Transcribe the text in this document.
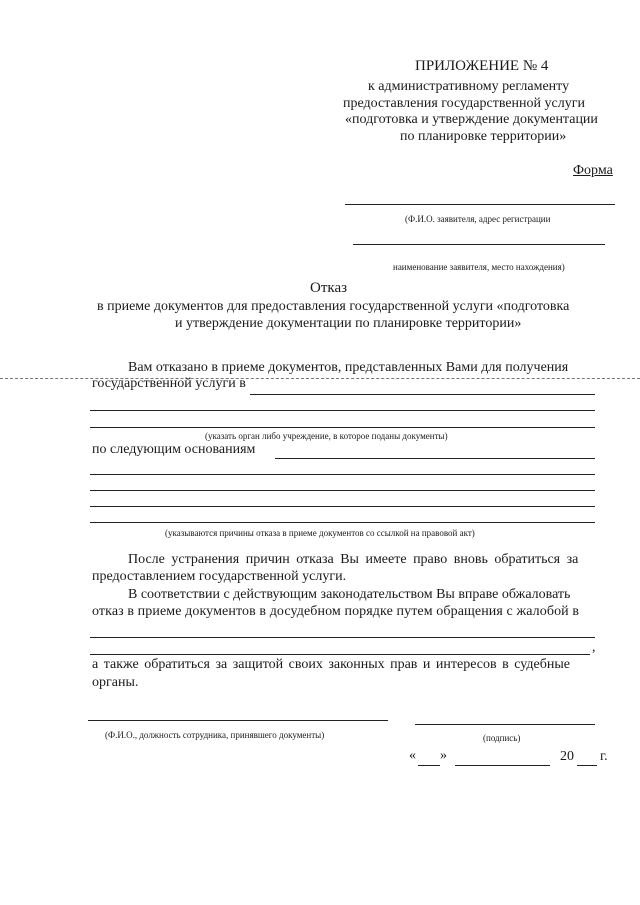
ПРИЛОЖЕНИЕ № 4
к административному регламенту
предоставления государственной услуги
«подготовка и утверждение документации
по планировке территории»
Форма
(Ф.И.О. заявителя, адрес регистрации
наименование заявителя, место нахождения)
Отказ
в приеме документов для предоставления государственной услуги «подготовка
и утверждение документации по планировке территории»
Вам отказано в приеме документов, представленных Вами для получения
государственной услуги в
(указать орган либо учреждение, в которое поданы документы)
по следующим основаниям
(указываются причины отказа в приеме документов со ссылкой на правовой акт)
После устранения причин отказа Вы имеете право вновь обратиться за
предоставлением государственной услуги.
В соответствии с действующим законодательством Вы вправе обжаловать
отказ в приеме документов в досудебном порядке путем обращения с жалобой в
,
а также обратиться за защитой своих законных прав и интересов в судебные
органы.
(Ф.И.О., должность сотрудника, принявшего документы)	(подпись)
« »	20 г.
